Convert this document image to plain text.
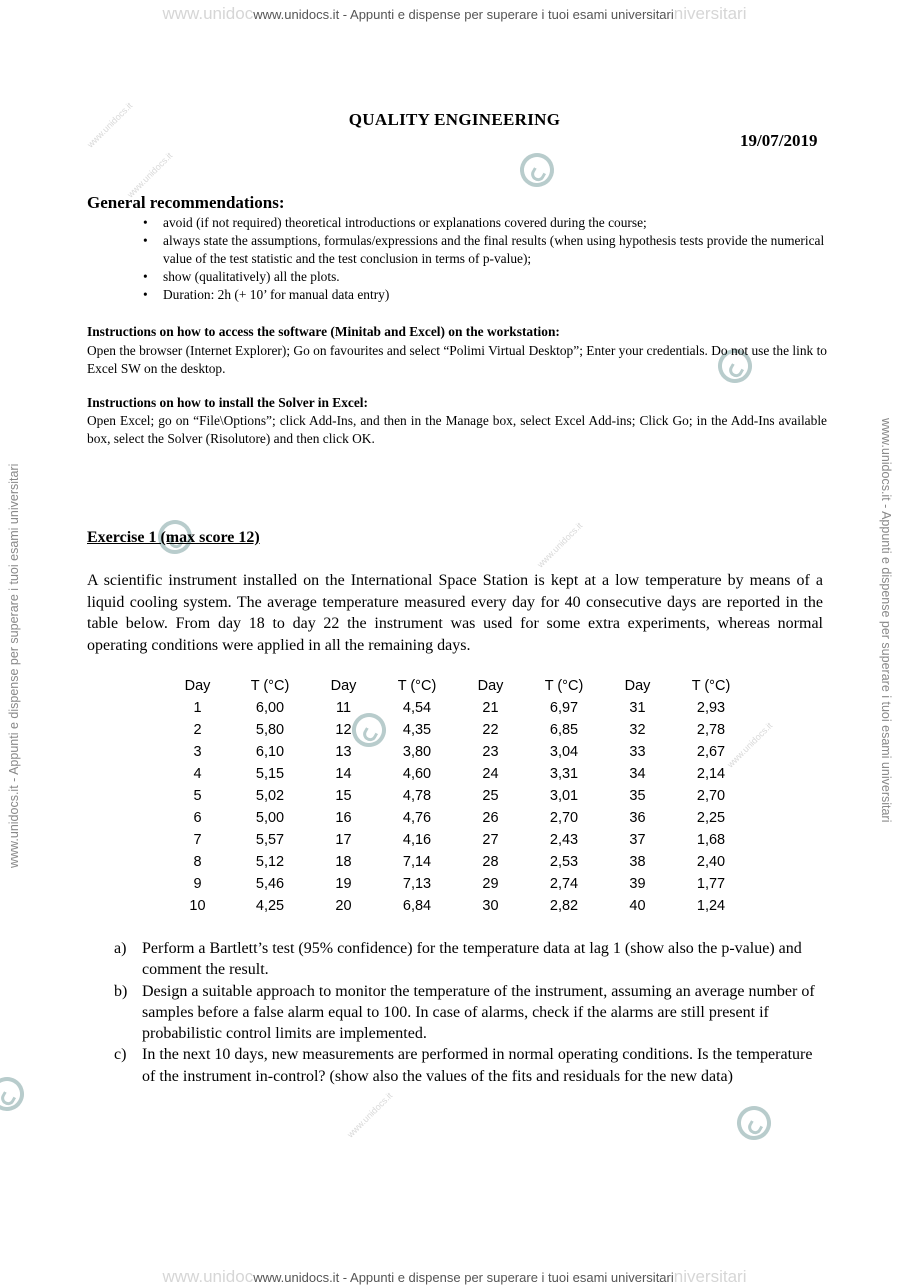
www.unidocwww.unidocs.it - Appunti e dispense per superare i tuoi esami universitariniversitari
www.unidocs.it - Appunti e dispense per superare i tuoi esami universitari	www.unidocs.it - Appunti e dispense per superare i tuoi esami universitari
www.unidocs.it
www.unidocs.it
www.unidocs.it
www.unidocs.it
www.unidocs.it
QUALITY ENGINEERING
19/07/2019
General recommendations:
• avoid (if not required) theoretical introductions or explanations covered during the course;
• always state the assumptions, formulas/expressions and the final results (when using hypothesis tests provide the numerical value of the test statistic and the test conclusion in terms of p-value);
• show (qualitatively) all the plots.
• Duration: 2h (+ 10’ for manual data entry)
Instructions on how to access the software (Minitab and Excel) on the workstation:
Open the browser (Internet Explorer); Go on favourites and select “Polimi Virtual Desktop”; Enter your credentials. Do not use the link to Excel SW on the desktop.
Instructions on how to install the Solver in Excel:
Open Excel; go on “File\Options”; click Add-Ins, and then in the Manage box, select Excel Add-ins; Click Go; in the Add-Ins available box, select the Solver (Risolutore) and then click OK.
Exercise 1 (max score 12)
A scientific instrument installed on the International Space Station is kept at a low temperature by means of a liquid cooling system. The average temperature measured every day for 40 consecutive days are reported in the table below. From day 18 to day 22 the instrument was used for some extra experiments, whereas normal operating conditions were applied in all the remaining days.
Day	T (°C)	Day	T (°C)	Day	T (°C)	Day	T (°C)
1	6,00	11	4,54	21	6,97	31	2,93
2	5,80	12	4,35	22	6,85	32	2,78
3	6,10	13	3,80	23	3,04	33	2,67
4	5,15	14	4,60	24	3,31	34	2,14
5	5,02	15	4,78	25	3,01	35	2,70
6	5,00	16	4,76	26	2,70	36	2,25
7	5,57	17	4,16	27	2,43	37	1,68
8	5,12	18	7,14	28	2,53	38	2,40
9	5,46	19	7,13	29	2,74	39	1,77
10	4,25	20	6,84	30	2,82	40	1,24
a) Perform a Bartlett’s test (95% confidence) for the temperature data at lag 1 (show also the p-value) and comment the result.
b) Design a suitable approach to monitor the temperature of the instrument, assuming an average number of samples before a false alarm equal to 100. In case of alarms, check if the alarms are still present if probabilistic control limits are implemented.
c) In the next 10 days, new measurements are performed in normal operating conditions. Is the temperature of the instrument in-control? (show also the values of the fits and residuals for the new data)
www.unidocwww.unidocs.it - Appunti e dispense per superare i tuoi esami universitariniversitari
